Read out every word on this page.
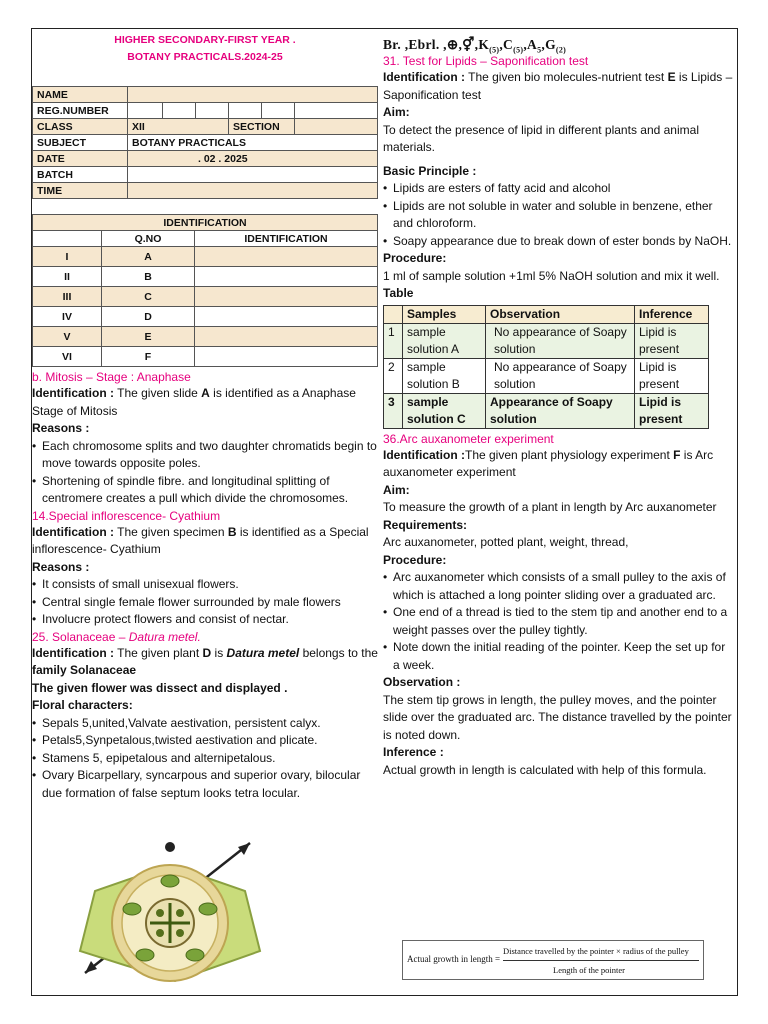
HIGHER SECONDARY-FIRST YEAR .
BOTANY PRACTICALS.2024-25
NAME						
REG.NUMBER						
CLASS	XII			SECTION		
SUBJECT	BOTANY PRACTICALS					
DATE	. 02 . 2025					
BATCH						
TIME						
IDENTIFICATION		
	Q.NO	IDENTIFICATION
I	A	
II	B	
III	C	
IV	D	
V	E	
VI	F	

b. Mitosis – Stage : Anaphase

Identification : The given slide A is identified as a Anaphase Stage of Mitosis

Reasons :

• Each chromosome splits and two daughter chromatids begin to move towards opposite poles.
• Shortening of spindle fibre. and longitudinal splitting of centromere creates a pull which divide the chromosomes.

14.Special inflorescence- Cyathium

Identification : The given specimen B is identified as a Special inflorescence- Cyathium

Reasons :

• It consists of small unisexual flowers.
• Central single female flower surrounded by male flowers
• Involucre protect flowers and consist of nectar.

25. Solanaceae – Datura metel.

Identification : The given plant D is Datura metel belongs to the family Solanaceae

The given flower was dissect and displayed .

Floral characters:

• Sepals 5,united,Valvate aestivation, persistent calyx.
• Petals5,Synpetalous,twisted aestivation and plicate.
• Stamens 5, epipetalous and alternipetalous.
• Ovary Bicarpellary, syncarpous and superior ovary, bilocular due formation of false septum looks tetra locular.
Br. ,Ebrl. $,\oplus,⚥,K_{(5)},C_{(5)},A_5,G_{(2)}$

31. Test for Lipids – Saponification test

Identification : The given bio molecules-nutrient test E is Lipids – Saponification test

Aim:

To detect the presence of lipid in different plants and animal materials.

Basic Principle :

• Lipids are esters of fatty acid and alcohol
• Lipids are not soluble in water and soluble in benzene, ether and chloroform.
• Soapy appearance due to break down of ester bonds by NaOH.

Procedure:

1 ml of sample solution +1ml 5% NaOH solution and mix it well.

Table

	Samples	Observation	Inference
1	sample solution A	No appearance of Soapy solution	Lipid is present
2	sample solution B	No appearance of Soapy solution	Lipid is present
3	sample solution C	Appearance of Soapy solution	Lipid is present

36.Arc auxanometer experiment

Identification :The given plant physiology experiment F is Arc auxanometer experiment

Aim:

To measure the growth of a plant in length by Arc auxanometer

Requirements:

Arc auxanometer, potted plant, weight, thread,

Procedure:

• Arc auxanometer which consists of a small pulley to the axis of which is attached a long pointer sliding over a graduated arc.
• One end of a thread is tied to the stem tip and another end to a weight passes over the pulley tightly.
• Note down the initial reading of the pointer. Keep the set up for a week.

Observation :

The stem tip grows in length, the pulley moves, and the pointer slide over the graduated arc. The distance travelled by the pointer is noted down.

Inference :

Actual growth in length is calculated with help of this formula.

Actual growth in length =
Distance travelled by the pointer × radius of the pulley
Length of the pointer
